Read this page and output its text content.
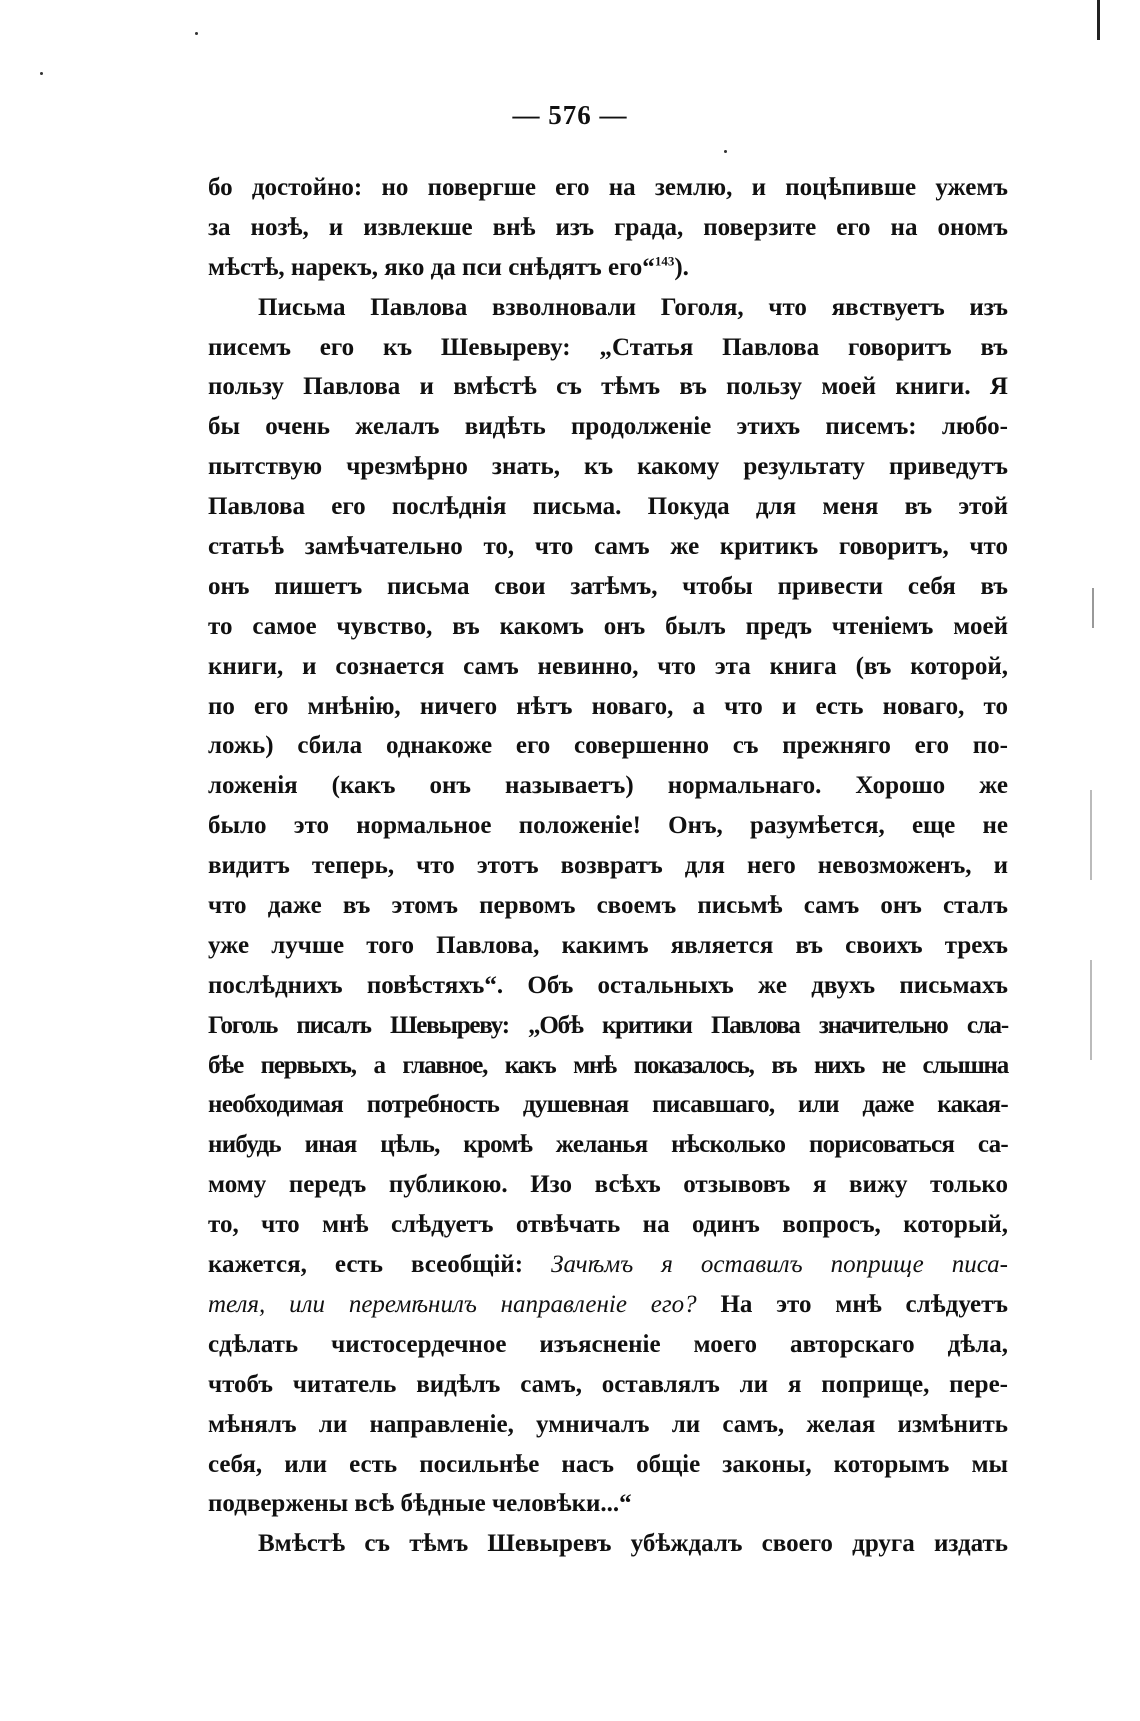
— 576 —
бо достойно: но повергше его на землю, и поцѣпивше ужемъ
за нозѣ, и извлекше внѣ изъ града, поверзите его на ономъ
мѣстѣ, нарекъ, яко да пси снѣдятъ его“$^{143}$).
Письма Павлова взволновали Гоголя, что явствуетъ изъ
писемъ его къ Шевыреву: „Статья Павлова говоритъ въ
пользу Павлова и вмѣстѣ съ тѣмъ въ пользу моей книги. Я
бы очень желалъ видѣть продолженіе этихъ писемъ: любо-
пытствую чрезмѣрно знать, къ какому результату приведутъ
Павлова его послѣднія письма. Покуда для меня въ этой
статьѣ замѣчательно то, что самъ же критикъ говоритъ, что
онъ пишетъ письма свои затѣмъ, чтобы привести себя въ
то самое чувство, въ какомъ онъ былъ предъ чтеніемъ моей
книги, и сознается самъ невинно, что эта книга (въ которой,
по его мнѣнію, ничего нѣтъ новаго, а что и есть новаго, то
ложь) сбила однакоже его совершенно съ прежняго его по-
ложенія (какъ онъ называетъ) нормальнаго. Хорошо же
было это нормальное положеніе! Онъ, разумѣется, еще не
видитъ теперь, что этотъ возвратъ для него невозможенъ, и
что даже въ этомъ первомъ своемъ письмѣ самъ онъ сталъ
уже лучше того Павлова, какимъ является въ своихъ трехъ
послѣднихъ повѣстяхъ“. Объ остальныхъ же двухъ письмахъ
Гоголь писалъ Шевыреву: „Обѣ критики Павлова значительно сла-
бѣе первыхъ, а главное, какъ мнѣ показалось, въ нихъ не слышна
необходимая потребность душевная писавшаго, или даже какая-
нибудь иная цѣль, кромѣ желанья нѣсколько порисоваться са-
мому передъ публикою. Изо всѣхъ отзывовъ я вижу только
то, что мнѣ слѣдуетъ отвѣчать на одинъ вопросъ, который,
кажется, есть всеобщій: Зачѣмъ я оставилъ поприще писа-
теля, или перемѣнилъ направленіе его? На это мнѣ слѣдуетъ
сдѣлать чистосердечное изъясненіе моего авторскаго дѣла,
чтобъ читатель видѣлъ самъ, оставлялъ ли я поприще, пере-
мѣнялъ ли направленіе, умничалъ ли самъ, желая измѣнить
себя, или есть посильнѣе насъ общіе законы, которымъ мы
подвержены всѣ бѣдные человѣки...“
Вмѣстѣ съ тѣмъ Шевыревъ убѣждалъ своего друга издать
